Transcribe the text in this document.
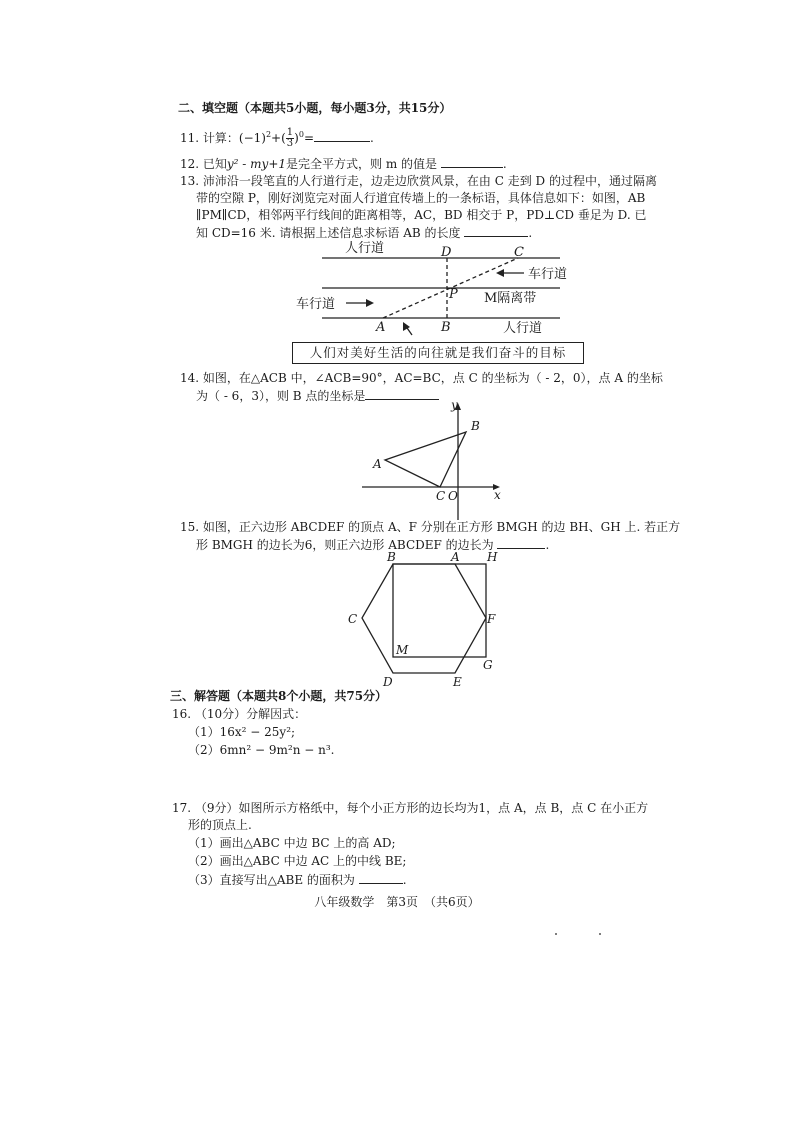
二、填空题（本题共5小题，每小题3分，共15分）
11. 计算：$(-1)^2+( \frac{1}{3} )^0=$	.
12. 已知y² - my+1是完全平方式，则 m 的值是	.
13. 沛沛沿一段笔直的人行道行走，边走边欣赏风景，在由 C 走到 D 的过程中，通过隔离
带的空隙 P，刚好浏览完对面人行道宜传墙上的一条标语，具体信息如下：如图，AB
∥PM∥CD，相邻两平行线间的距离相等，AC，BD 相交于 P，PD⊥CD 垂足为 D. 已
知 CD=16 米. 请根据上述信息求标语 AB 的长度	.
人行道	D	C
车行道
P M隔离带
车行道
A	B	人行道
y
x
B
A
C O
B	A H
C	F
M
G
D	E
人们对美好生活的向往就是我们奋斗的目标
14. 如图，在△ACB 中，∠ACB=90°，AC=BC，点 C 的坐标为（ - 2，0），点 A 的坐标
为（ - 6，3），则 B 点的坐标是
15. 如图，正六边形 ABCDEF 的顶点 A、F 分别在正方形 BMGH 的边 BH、GH 上. 若正方
形 BMGH 的边长为6，则正六边形 ABCDEF 的边长为	.
三、解答题（本题共8个小题，共75分）
16. （10分）分解因式：
（1）16x² − 25y²;
（2）6mn² − 9m²n − n³.
17. （9分）如图所示方格纸中，每个小正方形的边长均为1，点 A，点 B，点 C 在小正方
形的顶点上.
（1）画出△ABC 中边 BC 上的高 AD;
（2）画出△ABC 中边 AC 上的中线 BE;
（3）直接写出△ABE 的面积为	.
八年级数学　第3页　（共6页）
